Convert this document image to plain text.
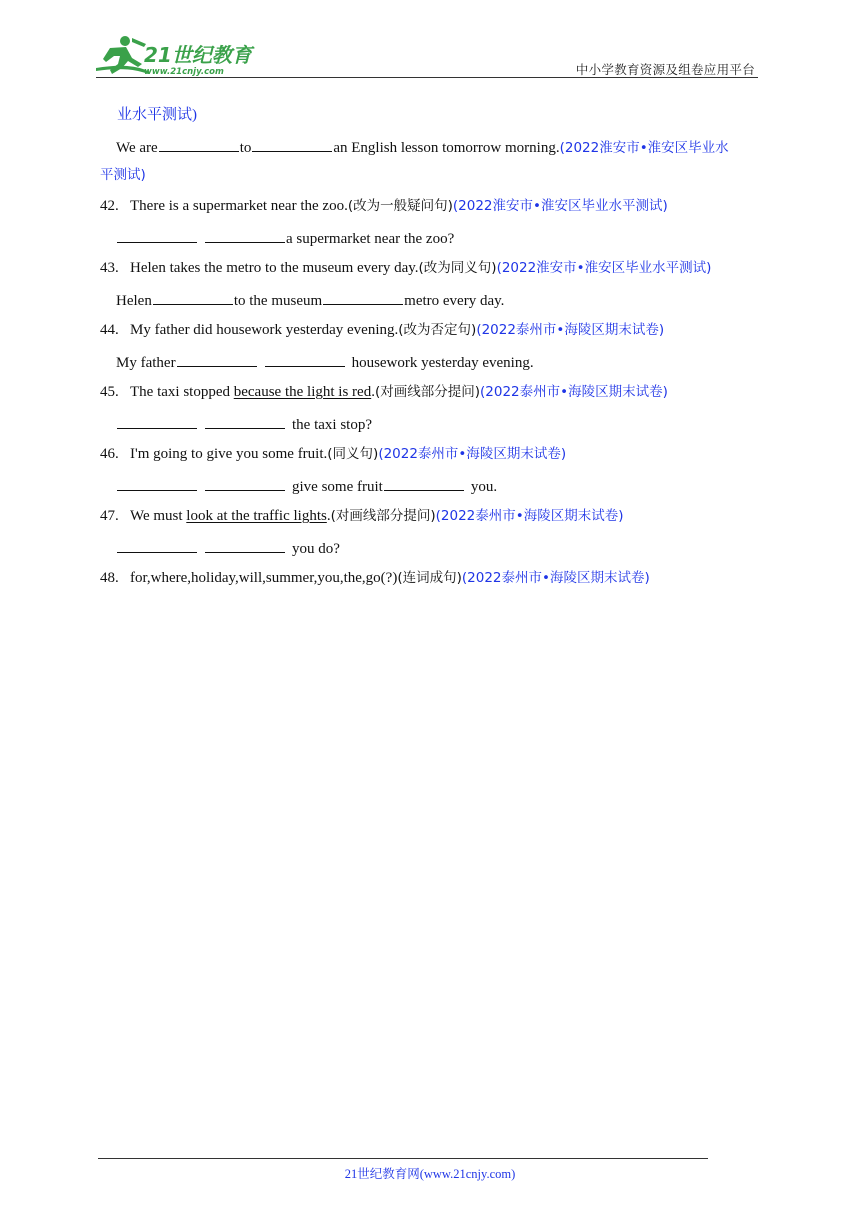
21世纪教育
www.21cnjy.com	中小学教育资源及组卷应用平台
业水平测试)
We are	to	an English lesson tomorrow morning.(2022淮安市•淮安区毕业水
平测试)
42. There is a supermarket near the zoo.(改为一般疑问句)(2022淮安市•淮安区毕业水平测试)
a supermarket near the zoo?
43. Helen takes the metro to the museum every day.(改为同义句)(2022淮安市•淮安区毕业水平测试)
Helen	to the museum	metro every day.
44. My father did housework yesterday evening.(改为否定句)(2022泰州市•海陵区期末试卷)
My father	housework yesterday evening.
45. The taxi stopped because the light is red.(对画线部分提问)(2022泰州市•海陵区期末试卷)
the taxi stop?
46. I'm going to give you some fruit.(同义句)(2022泰州市•海陵区期末试卷)
give some fruit	you.
47. We must look at the traffic lights.(对画线部分提问)(2022泰州市•海陵区期末试卷)
you do?
48. for,where,holiday,will,summer,you,the,go(?)(连词成句)(2022泰州市•海陵区期末试卷)
21世纪教育网(www.21cnjy.com)
